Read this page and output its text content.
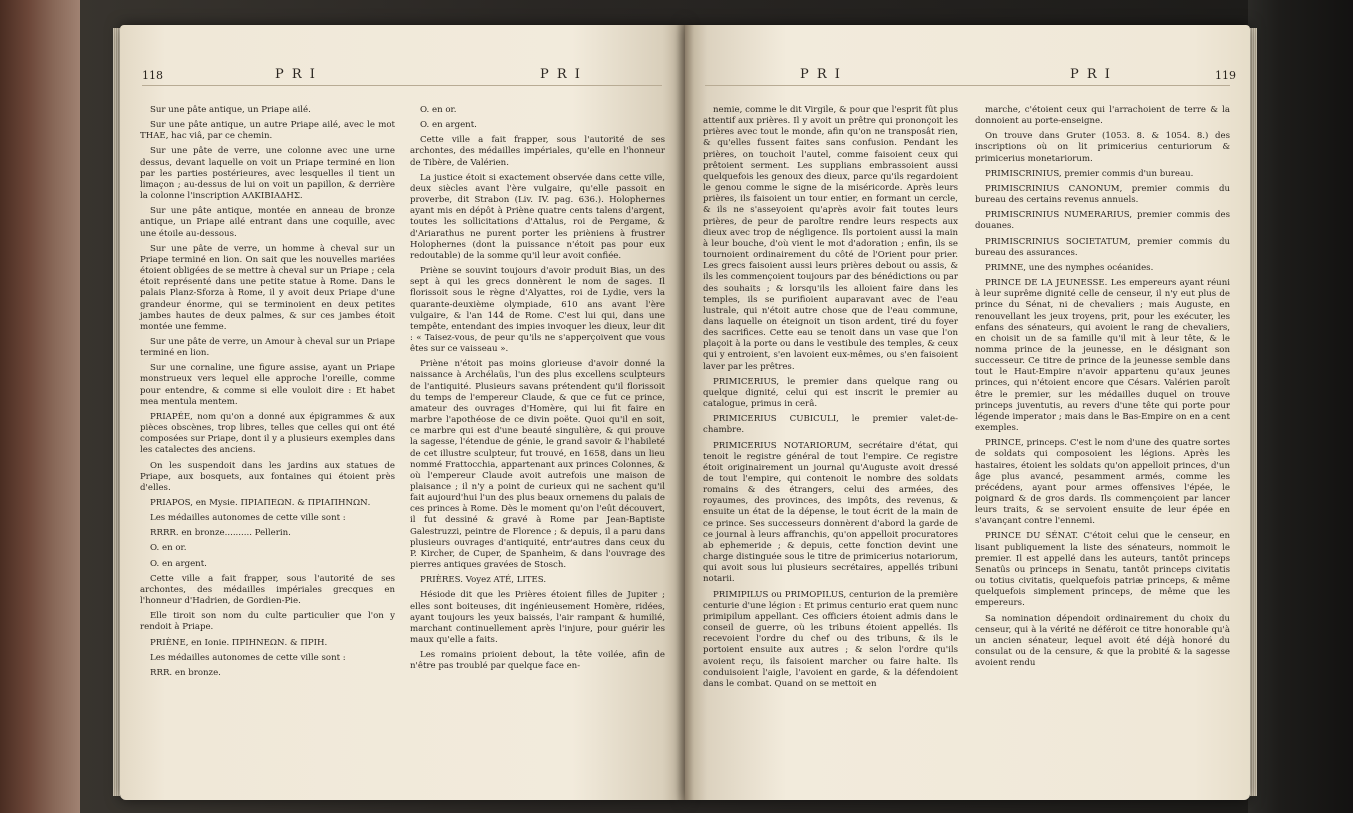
118	P R I	P R I

Sur une pâte antique, un Priape ailé.

Sur une pâte antique, un autre Priape ailé, avec le mot THAE, hac viâ, par ce chemin.

Sur une pâte de verre, une colonne avec une urne dessus, devant laquelle on voit un Priape terminé en lion par les parties postérieures, avec lesquelles il tient un limaçon ; au-dessus de lui on voit un papillon, & derrière la colonne l'inscription ΑΛΚΙΒΙΑΔΗΣ.

Sur une pâte antique, montée en anneau de bronze antique, un Priape ailé entrant dans une coquille, avec une étoile au-dessous.

Sur une pâte de verre, un homme à cheval sur un Priape terminé en lion. On sait que les nouvelles mariées étoient obligées de se mettre à cheval sur un Priape ; cela étoit représenté dans une petite statue à Rome. Dans le palais Planz-Sforza à Rome, il y avoit deux Priape d'une grandeur énorme, qui se terminoient en deux petites jambes hautes de deux palmes, & sur ces jambes étoit montée une femme.

Sur une pâte de verre, un Amour à cheval sur un Priape terminé en lion.

Sur une cornaline, une figure assise, ayant un Priape monstrueux vers lequel elle approche l'oreille, comme pour entendre, & comme si elle vouloit dire : Et habet mea mentula mentem.

PRIAPÉE, nom qu'on a donné aux épigrammes & aux pièces obscènes, trop libres, telles que celles qui ont été composées sur Priape, dont il y a plusieurs exemples dans les catalectes des anciens.

On les suspendoit dans les jardins aux statues de Priape, aux bosquets, aux fontaines qui étoient près d'elles.

PRIAPOS, en Mysie. ΠΡΙΑΠΕΩΝ. & ΠΡΙΑΠΗΝΩΝ.

Les médailles autonomes de cette ville sont :

RRRR. en bronze.......... Pellerin.

O. en or.

O. en argent.

Cette ville a fait frapper, sous l'autorité de ses archontes, des médailles impériales grecques en l'honneur d'Hadrien, de Gordien-Pie.

Elle tiroit son nom du culte particulier que l'on y rendoit à Priape.

PRIÈNE, en Ionie. ΠΡΙΗΝΕΩΝ. & ΠΡΙΗ.

Les médailles autonomes de cette ville sont :

RRR. en bronze.

O. en or.

O. en argent.

Cette ville a fait frapper, sous l'autorité de ses archontes, des médailles impériales, qu'elle en l'honneur de Tibère, de Valérien.

La justice étoit si exactement observée dans cette ville, deux siècles avant l'ère vulgaire, qu'elle passoit en proverbe, dit Strabon (Liv. IV. pag. 636.). Holophernes ayant mis en dépôt à Priène quatre cents talens d'argent, toutes les sollicitations d'Attalus, roi de Pergame, & d'Ariarathus ne purent porter les prièniens à frustrer Holophernes (dont la puissance n'étoit pas pour eux redoutable) de la somme qu'il leur avoit confiée.

Priène se souvint toujours d'avoir produit Bias, un des sept à qui les grecs donnèrent le nom de sages. Il florissoit sous le règne d'Alyattes, roi de Lydie, vers la quarante-deuxième olympiade, 610 ans avant l'ère vulgaire, & l'an 144 de Rome. C'est lui qui, dans une tempête, entendant des impies invoquer les dieux, leur dit : « Taisez-vous, de peur qu'ils ne s'apperçoivent que vous êtes sur ce vaisseau ».

Priène n'étoit pas moins glorieuse d'avoir donné la naissance à Archélaüs, l'un des plus excellens sculpteurs de l'antiquité. Plusieurs savans prétendent qu'il florissoit du temps de l'empereur Claude, & que ce fut ce prince, amateur des ouvrages d'Homère, qui lui fit faire en marbre l'apothéose de ce divin poëte. Quoi qu'il en soit, ce marbre qui est d'une beauté singulière, & qui prouve la sagesse, l'étendue de génie, le grand savoir & l'habileté de cet illustre sculpteur, fut trouvé, en 1658, dans un lieu nommé Frattocchia, appartenant aux princes Colonnes, & où l'empereur Claude avoit autrefois une maison de plaisance ; il n'y a point de curieux qui ne sachent qu'il fait aujourd'hui l'un des plus beaux ornemens du palais de ces princes à Rome. Dès le moment qu'on l'eût découvert, il fut dessiné & gravé à Rome par Jean-Baptiste Galestruzzi, peintre de Florence ; & depuis, il a paru dans plusieurs ouvrages d'antiquité, entr'autres dans ceux du P. Kircher, de Cuper, de Spanheim, & dans l'ouvrage des pierres antiques gravées de Stosch.

PRIÈRES. Voyez ATÉ, LITES.

Hésiode dit que les Prières étoient filles de Jupiter ; elles sont boiteuses, dit ingénieusement Homère, ridées, ayant toujours les yeux baissés, l'air rampant & humilié, marchant continuellement après l'injure, pour guérir les maux qu'elle a faits.

Les romains prioient debout, la tête voilée, afin de n'être pas troublé par quelque face en-

P R I	P R I	119

nemie, comme le dit Virgile, & pour que l'esprit fût plus attentif aux prières. Il y avoit un prêtre qui prononçoit les prières avec tout le monde, afin qu'on ne transposât rien, & qu'elles fussent faites sans confusion. Pendant les prières, on touchoit l'autel, comme faisoient ceux qui prêtoient serment. Les supplians embrassoient aussi quelquefois les genoux des dieux, parce qu'ils regardoient le genou comme le signe de la miséricorde. Après leurs prières, ils faisoient un tour entier, en formant un cercle, & ils ne s'asseyoient qu'après avoir fait toutes leurs prières, de peur de paroître rendre leurs respects aux dieux avec trop de négligence. Ils portoient aussi la main à leur bouche, d'où vient le mot d'adoration ; enfin, ils se tournoient ordinairement du côté de l'Orient pour prier. Les grecs faisoient aussi leurs prières debout ou assis, & ils les commençoient toujours par des bénédictions ou par des souhaits ; & lorsqu'ils les alloient faire dans les temples, ils se purifioient auparavant avec de l'eau lustrale, qui n'étoit autre chose que de l'eau commune, dans laquelle on éteignoit un tison ardent, tiré du foyer des sacrifices. Cette eau se tenoit dans un vase que l'on plaçoit à la porte ou dans le vestibule des temples, & ceux qui y entroient, s'en lavoient eux-mêmes, ou s'en faisoient laver par les prêtres.

PRIMICERIUS, le premier dans quelque rang ou quelque dignité, celui qui est inscrit le premier au catalogue, primus in cerâ.

PRIMICERIUS CUBICULI, le premier valet-de-chambre.

PRIMICERIUS NOTARIORUM, secrétaire d'état, qui tenoit le registre général de tout l'empire. Ce registre étoit originairement un journal qu'Auguste avoit dressé de tout l'empire, qui contenoit le nombre des soldats romains & des étrangers, celui des armées, des royaumes, des provinces, des impôts, des revenus, & ensuite un état de la dépense, le tout écrit de la main de ce prince. Ses successeurs donnèrent d'abord la garde de ce journal à leurs affranchis, qu'on appelloit procuratores ab ephemeride ; & depuis, cette fonction devint une charge distinguée sous le titre de primicerius notariorum, qui avoit sous lui plusieurs secrétaires, appellés tribuni notarii.

PRIMIPILUS ou PRIMOPILUS, centurion de la première centurie d'une légion : Et primus centurio erat quem nunc primipilum appellant. Ces officiers étoient admis dans le conseil de guerre, où les tribuns étoient appellés. Ils recevoient l'ordre du chef ou des tribuns, & ils le portoient ensuite aux autres ; & selon l'ordre qu'ils avoient reçu, ils faisoient marcher ou faire halte. Ils conduisoient l'aigle, l'avoient en garde, & la défendoient dans le combat. Quand on se mettoit en

marche, c'étoient ceux qui l'arrachoient de terre & la donnoient au porte-enseigne.

On trouve dans Gruter (1053. 8. & 1054. 8.) des inscriptions où on lit primicerius centuriorum & primicerius monetariorum.

PRIMISCRINIUS, premier commis d'un bureau.

PRIMISCRINIUS CANONUM, premier commis du bureau des certains revenus annuels.

PRIMISCRINIUS NUMERARIUS, premier commis des douanes.

PRIMISCRINIUS SOCIETATUM, premier commis du bureau des assurances.

PRIMNE, une des nymphes océanides.

PRINCE DE LA JEUNESSE. Les empereurs ayant réuni à leur suprême dignité celle de censeur, il n'y eut plus de prince du Sénat, ni de chevaliers ; mais Auguste, en renouvellant les jeux troyens, prit, pour les exécuter, les enfans des sénateurs, qui avoient le rang de chevaliers, en choisit un de sa famille qu'il mit à leur tête, & le nomma prince de la jeunesse, en le désignant son successeur. Ce titre de prince de la jeunesse semble dans tout le Haut-Empire n'avoir appartenu qu'aux jeunes princes, qui n'étoient encore que Césars. Valérien paroît être le premier, sur les médailles duquel on trouve princeps juventutis, au revers d'une tête qui porte pour légende imperator ; mais dans le Bas-Empire on en a cent exemples.

PRINCE, princeps. C'est le nom d'une des quatre sortes de soldats qui composoient les légions. Après les hastaires, étoient les soldats qu'on appelloit princes, d'un âge plus avancé, pesamment armés, comme les précédens, ayant pour armes offensives l'épée, le poignard & de gros dards. Ils commençoient par lancer leurs traits, & se servoient ensuite de leur épée en s'avançant contre l'ennemi.

PRINCE DU SÉNAT. C'étoit celui que le censeur, en lisant publiquement la liste des sénateurs, nommoit le premier. Il est appellé dans les auteurs, tantôt princeps Senatûs ou princeps in Senatu, tantôt princeps civitatis ou totius civitatis, quelquefois patriæ princeps, & même quelquefois simplement princeps, de même que les empereurs.

Sa nomination dépendoit ordinairement du choix du censeur, qui à la vérité ne déféroit ce titre honorable qu'à un ancien sénateur, lequel avoit été déjà honoré du consulat ou de la censure, & que la probité & la sagesse avoient rendu
